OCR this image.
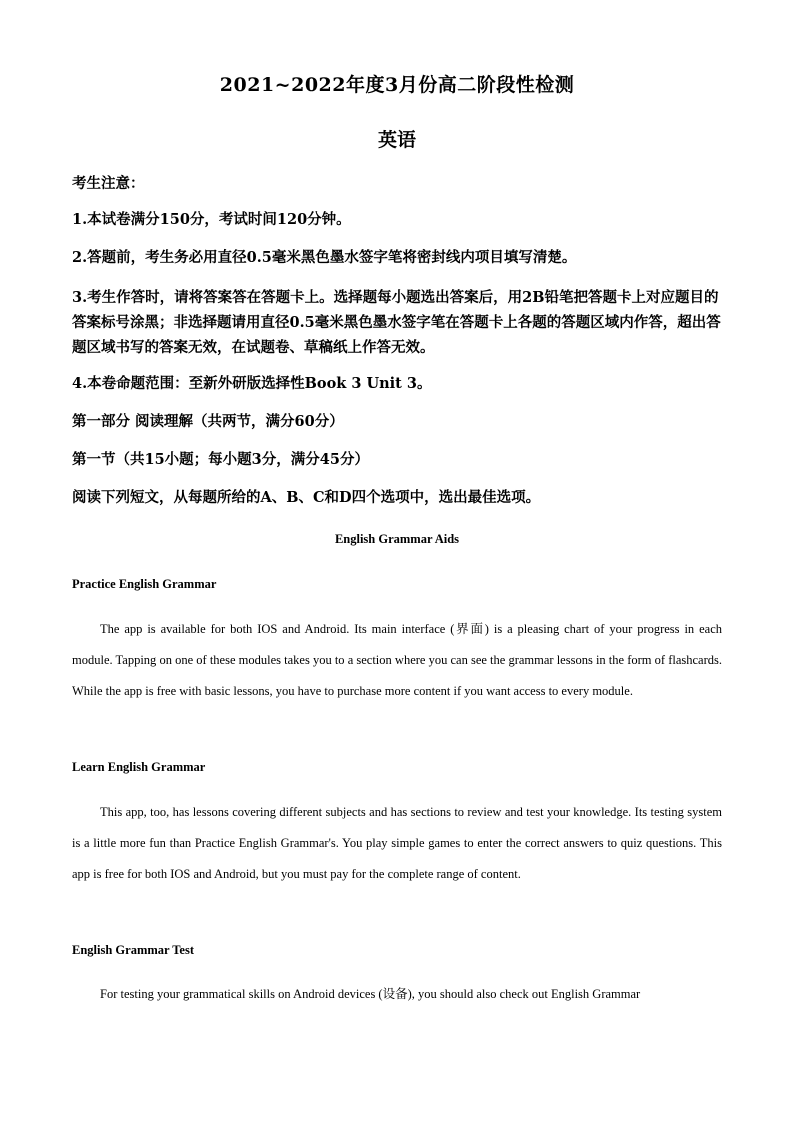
2021~2022年度3月份高二阶段性检测
英语

考生注意：

1.本试卷满分150分，考试时间120分钟。

2.答题前，考生务必用直径0.5毫米黑色墨水签字笔将密封线内项目填写清楚。

3.考生作答时，请将答案答在答题卡上。选择题每小题选出答案后，用2B铅笔把答题卡上对应题目的答案标号涂黑；非选择题请用直径0.5毫米黑色墨水签字笔在答题卡上各题的答题区域内作答，超出答题区域书写的答案无效，在试题卷、草稿纸上作答无效。

4.本卷命题范围：至新外研版选择性Book 3 Unit 3。

第一部分 阅读理解（共两节，满分60分）

第一节（共15小题；每小题3分，满分45分）

阅读下列短文，从每题所给的A、B、C和D四个选项中，选出最佳选项。

English Grammar Aids
Practice English Grammar

The app is available for both IOS and Android. Its main interface (界面) is a pleasing chart of your progress in each module. Tapping on one of these modules takes you to a section where you can see the grammar lessons in the form of flashcards. While the app is free with basic lessons, you have to purchase more content if you want access to every module.

Learn English Grammar

This app, too, has lessons covering different subjects and has sections to review and test your knowledge. Its testing system is a little more fun than Practice English Grammar's. You play simple games to enter the correct answers to quiz questions. This app is free for both IOS and Android, but you must pay for the complete range of content.

English Grammar Test

For testing your grammatical skills on Android devices (设备), you should also check out English Grammar
